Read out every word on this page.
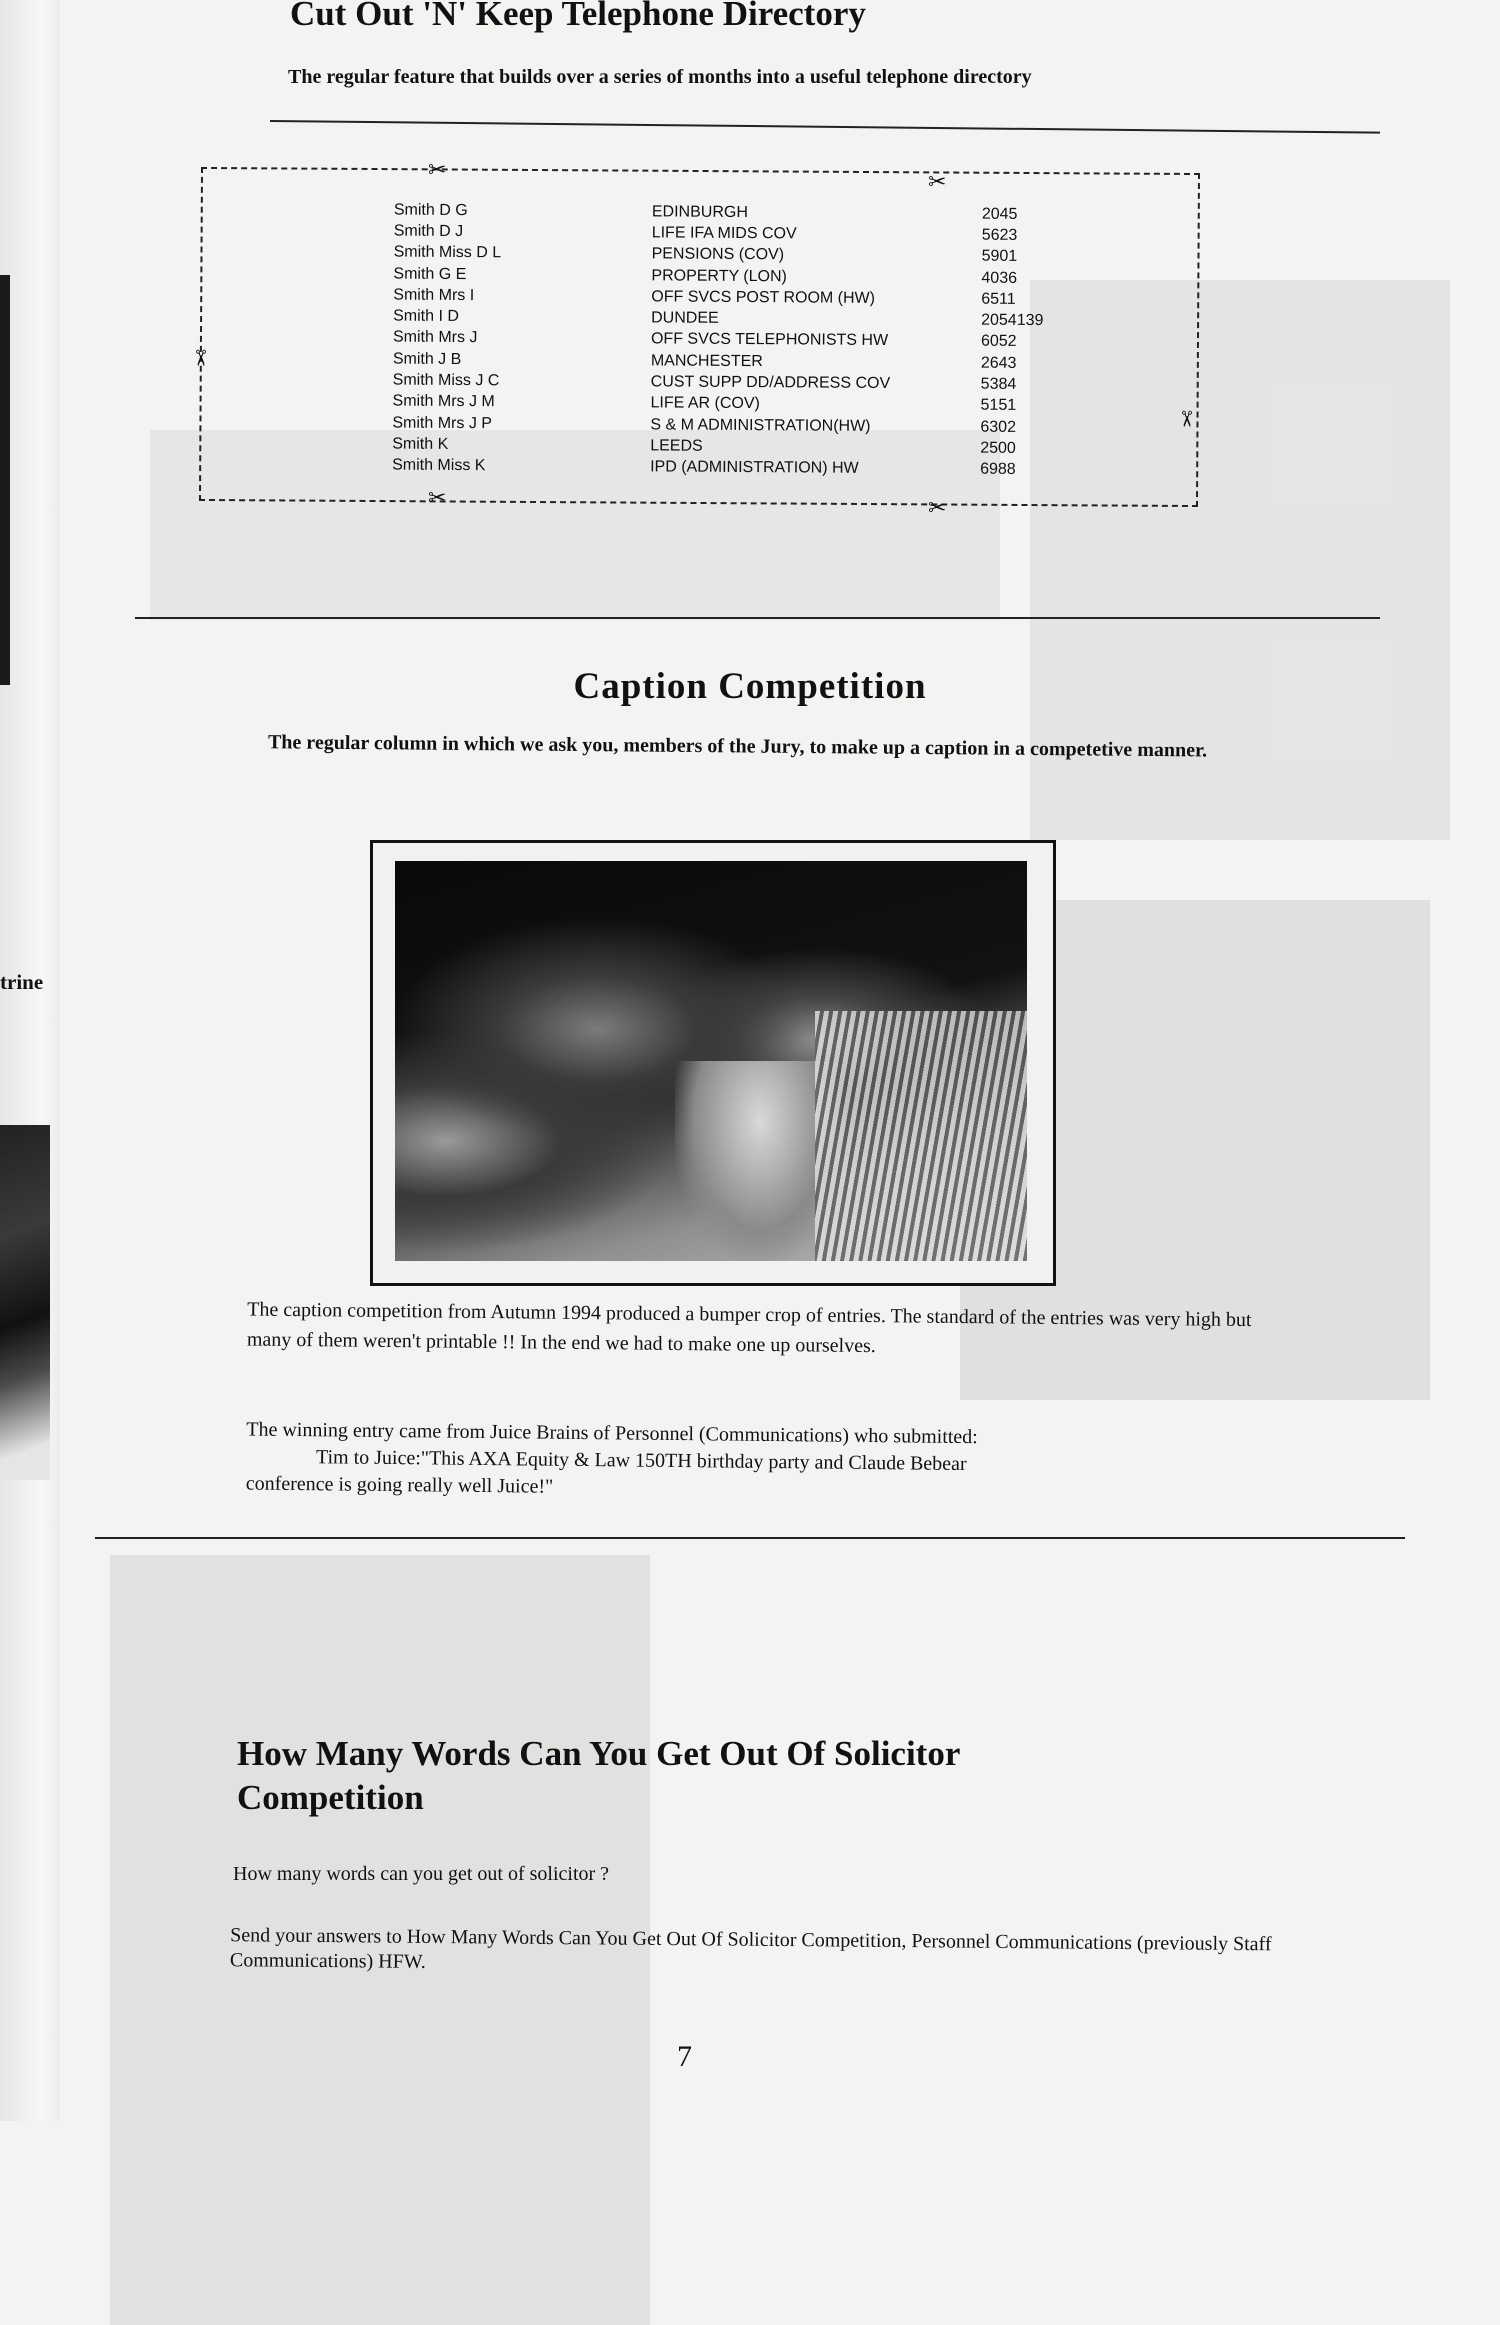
trine
Cut Out 'N' Keep Telephone Directory
The regular feature that builds over a series of months into a useful telephone directory
✂	✂
✂
✂
✂	✂
Smith D G	EDINBURGH	2045
Smith D J	LIFE IFA MIDS COV	5623
Smith Miss D L	PENSIONS (COV)	5901
Smith G E	PROPERTY (LON)	4036
Smith Mrs I	OFF SVCS POST ROOM (HW)	6511
Smith I D	DUNDEE	2054139
Smith Mrs J	OFF SVCS TELEPHONISTS HW	6052
Smith J B	MANCHESTER	2643
Smith Miss J C	CUST SUPP DD/ADDRESS COV	5384
Smith Mrs J M	LIFE AR (COV)	5151
Smith Mrs J P	S & M ADMINISTRATION(HW)	6302
Smith K	LEEDS	2500
Smith Miss K	IPD (ADMINISTRATION) HW	6988
Caption Competition
The regular column in which we ask you, members of the Jury, to make up a caption in a competetive manner.
The caption competition from Autumn 1994 produced a bumper crop of entries. The standard of the entries was very high but many of them weren't printable !! In the end we had to make one up ourselves.
The winning entry came from Juice Brains of Personnel (Communications) who submitted:
Tim to Juice:"This AXA Equity & Law 150TH birthday party and Claude Bebear
conference is going really well Juice!"
How Many Words Can You Get Out Of Solicitor
Competition
How many words can you get out of solicitor ?
Send your answers to How Many Words Can You Get Out Of Solicitor Competition, Personnel Communications (previously Staff Communications) HFW.
7
